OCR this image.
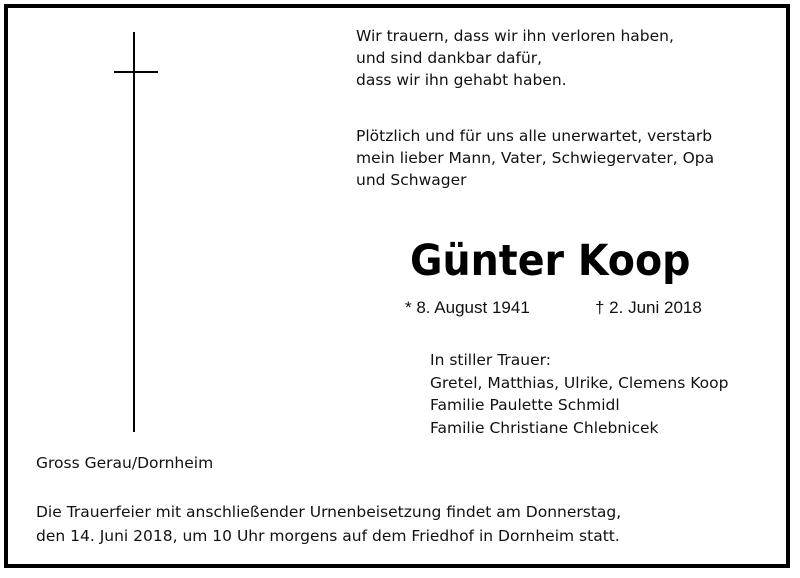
Wir trauern, dass wir ihn verloren haben,
und sind dankbar dafür,
dass wir ihn gehabt haben.
Plötzlich und für uns alle unerwartet, verstarb
mein lieber Mann, Vater, Schwiegervater, Opa
und Schwager
Günter Koop
* 8. August 1941	† 2. Juni 2018
In stiller Trauer:
Gretel, Matthias, Ulrike, Clemens Koop
Familie Paulette Schmidl
Familie Christiane Chlebnicek
Gross Gerau/Dornheim
Die Trauerfeier mit anschließender Urnenbeisetzung findet am Donnerstag,
den 14. Juni 2018, um 10 Uhr morgens auf dem Friedhof in Dornheim statt.
